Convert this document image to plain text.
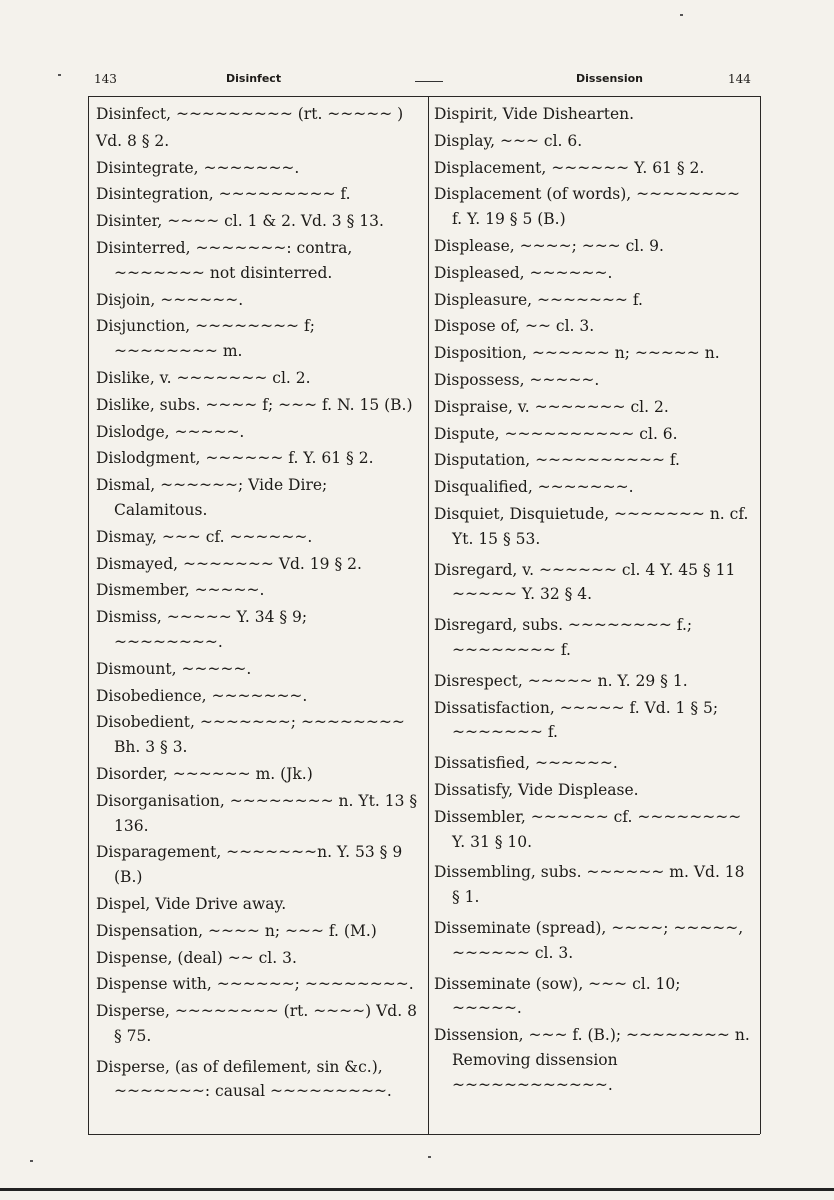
143	Disinfect	Dissension	144
Disinfect, ~~~~~~~~~ (rt. ~~~~~ )
Vd. 8 § 2.
Disintegrate, ~~~~~~~.
Disintegration, ~~~~~~~~~ f.
Disinter, ~~~~ cl. 1 & 2. Vd. 3 § 13.
Disinterred, ~~~~~~~: contra, ~~~~~~~ not disinterred.
Disjoin, ~~~~~~.
Disjunction, ~~~~~~~~ f; ~~~~~~~~ m.
Dislike, v. ~~~~~~~ cl. 2.
Dislike, subs. ~~~~ f; ~~~ f. N. 15 (B.)
Dislodge, ~~~~~.
Dislodgment, ~~~~~~ f. Y. 61 § 2.
Dismal, ~~~~~~; Vide Dire; Calamitous.
Dismay, ~~~ cf. ~~~~~~.
Dismayed, ~~~~~~~ Vd. 19 § 2.
Dismember, ~~~~~.
Dismiss, ~~~~~ Y. 34 § 9; ~~~~~~~~.
Dismount, ~~~~~.
Disobedience, ~~~~~~~.
Disobedient, ~~~~~~~; ~~~~~~~~ Bh. 3 § 3.
Disorder, ~~~~~~ m. (Jk.)
Disorganisation, ~~~~~~~~ n. Yt. 13 § 136.
Disparagement, ~~~~~~~n. Y. 53 § 9 (B.)
Dispel, Vide Drive away.
Dispensation, ~~~~ n; ~~~ f. (M.)
Dispense, (deal) ~~ cl. 3.
Dispense with, ~~~~~~; ~~~~~~~~.
Disperse, ~~~~~~~~ (rt. ~~~~) Vd. 8 § 75.
Disperse, (as of defilement, sin &c.), ~~~~~~~: causal ~~~~~~~~~.
Dispirit, Vide Dishearten.
Display, ~~~ cl. 6.
Displacement, ~~~~~~ Y. 61 § 2.
Displacement (of words), ~~~~~~~~ f. Y. 19 § 5 (B.)
Displease, ~~~~; ~~~ cl. 9.
Displeased, ~~~~~~.
Displeasure, ~~~~~~~ f.
Dispose of, ~~ cl. 3.
Disposition, ~~~~~~ n; ~~~~~ n.
Dispossess, ~~~~~.
Dispraise, v. ~~~~~~~ cl. 2.
Dispute, ~~~~~~~~~~ cl. 6.
Disputation, ~~~~~~~~~~ f.
Disqualified, ~~~~~~~.
Disquiet, Disquietude, ~~~~~~~ n. cf. Yt. 15 § 53.
Disregard, v. ~~~~~~ cl. 4 Y. 45 § 11 ~~~~~ Y. 32 § 4.
Disregard, subs. ~~~~~~~~ f.; ~~~~~~~~ f.
Disrespect, ~~~~~ n. Y. 29 § 1.
Dissatisfaction, ~~~~~ f. Vd. 1 § 5; ~~~~~~~ f.
Dissatisfied, ~~~~~~.
Dissatisfy, Vide Displease.
Dissembler, ~~~~~~ cf. ~~~~~~~~ Y. 31 § 10.
Dissembling, subs. ~~~~~~ m. Vd. 18 § 1.
Disseminate (spread), ~~~~; ~~~~~, ~~~~~~ cl. 3.
Disseminate (sow), ~~~ cl. 10; ~~~~~.
Dissension, ~~~ f. (B.); ~~~~~~~~ n. Removing dissension ~~~~~~~~~~~~.
